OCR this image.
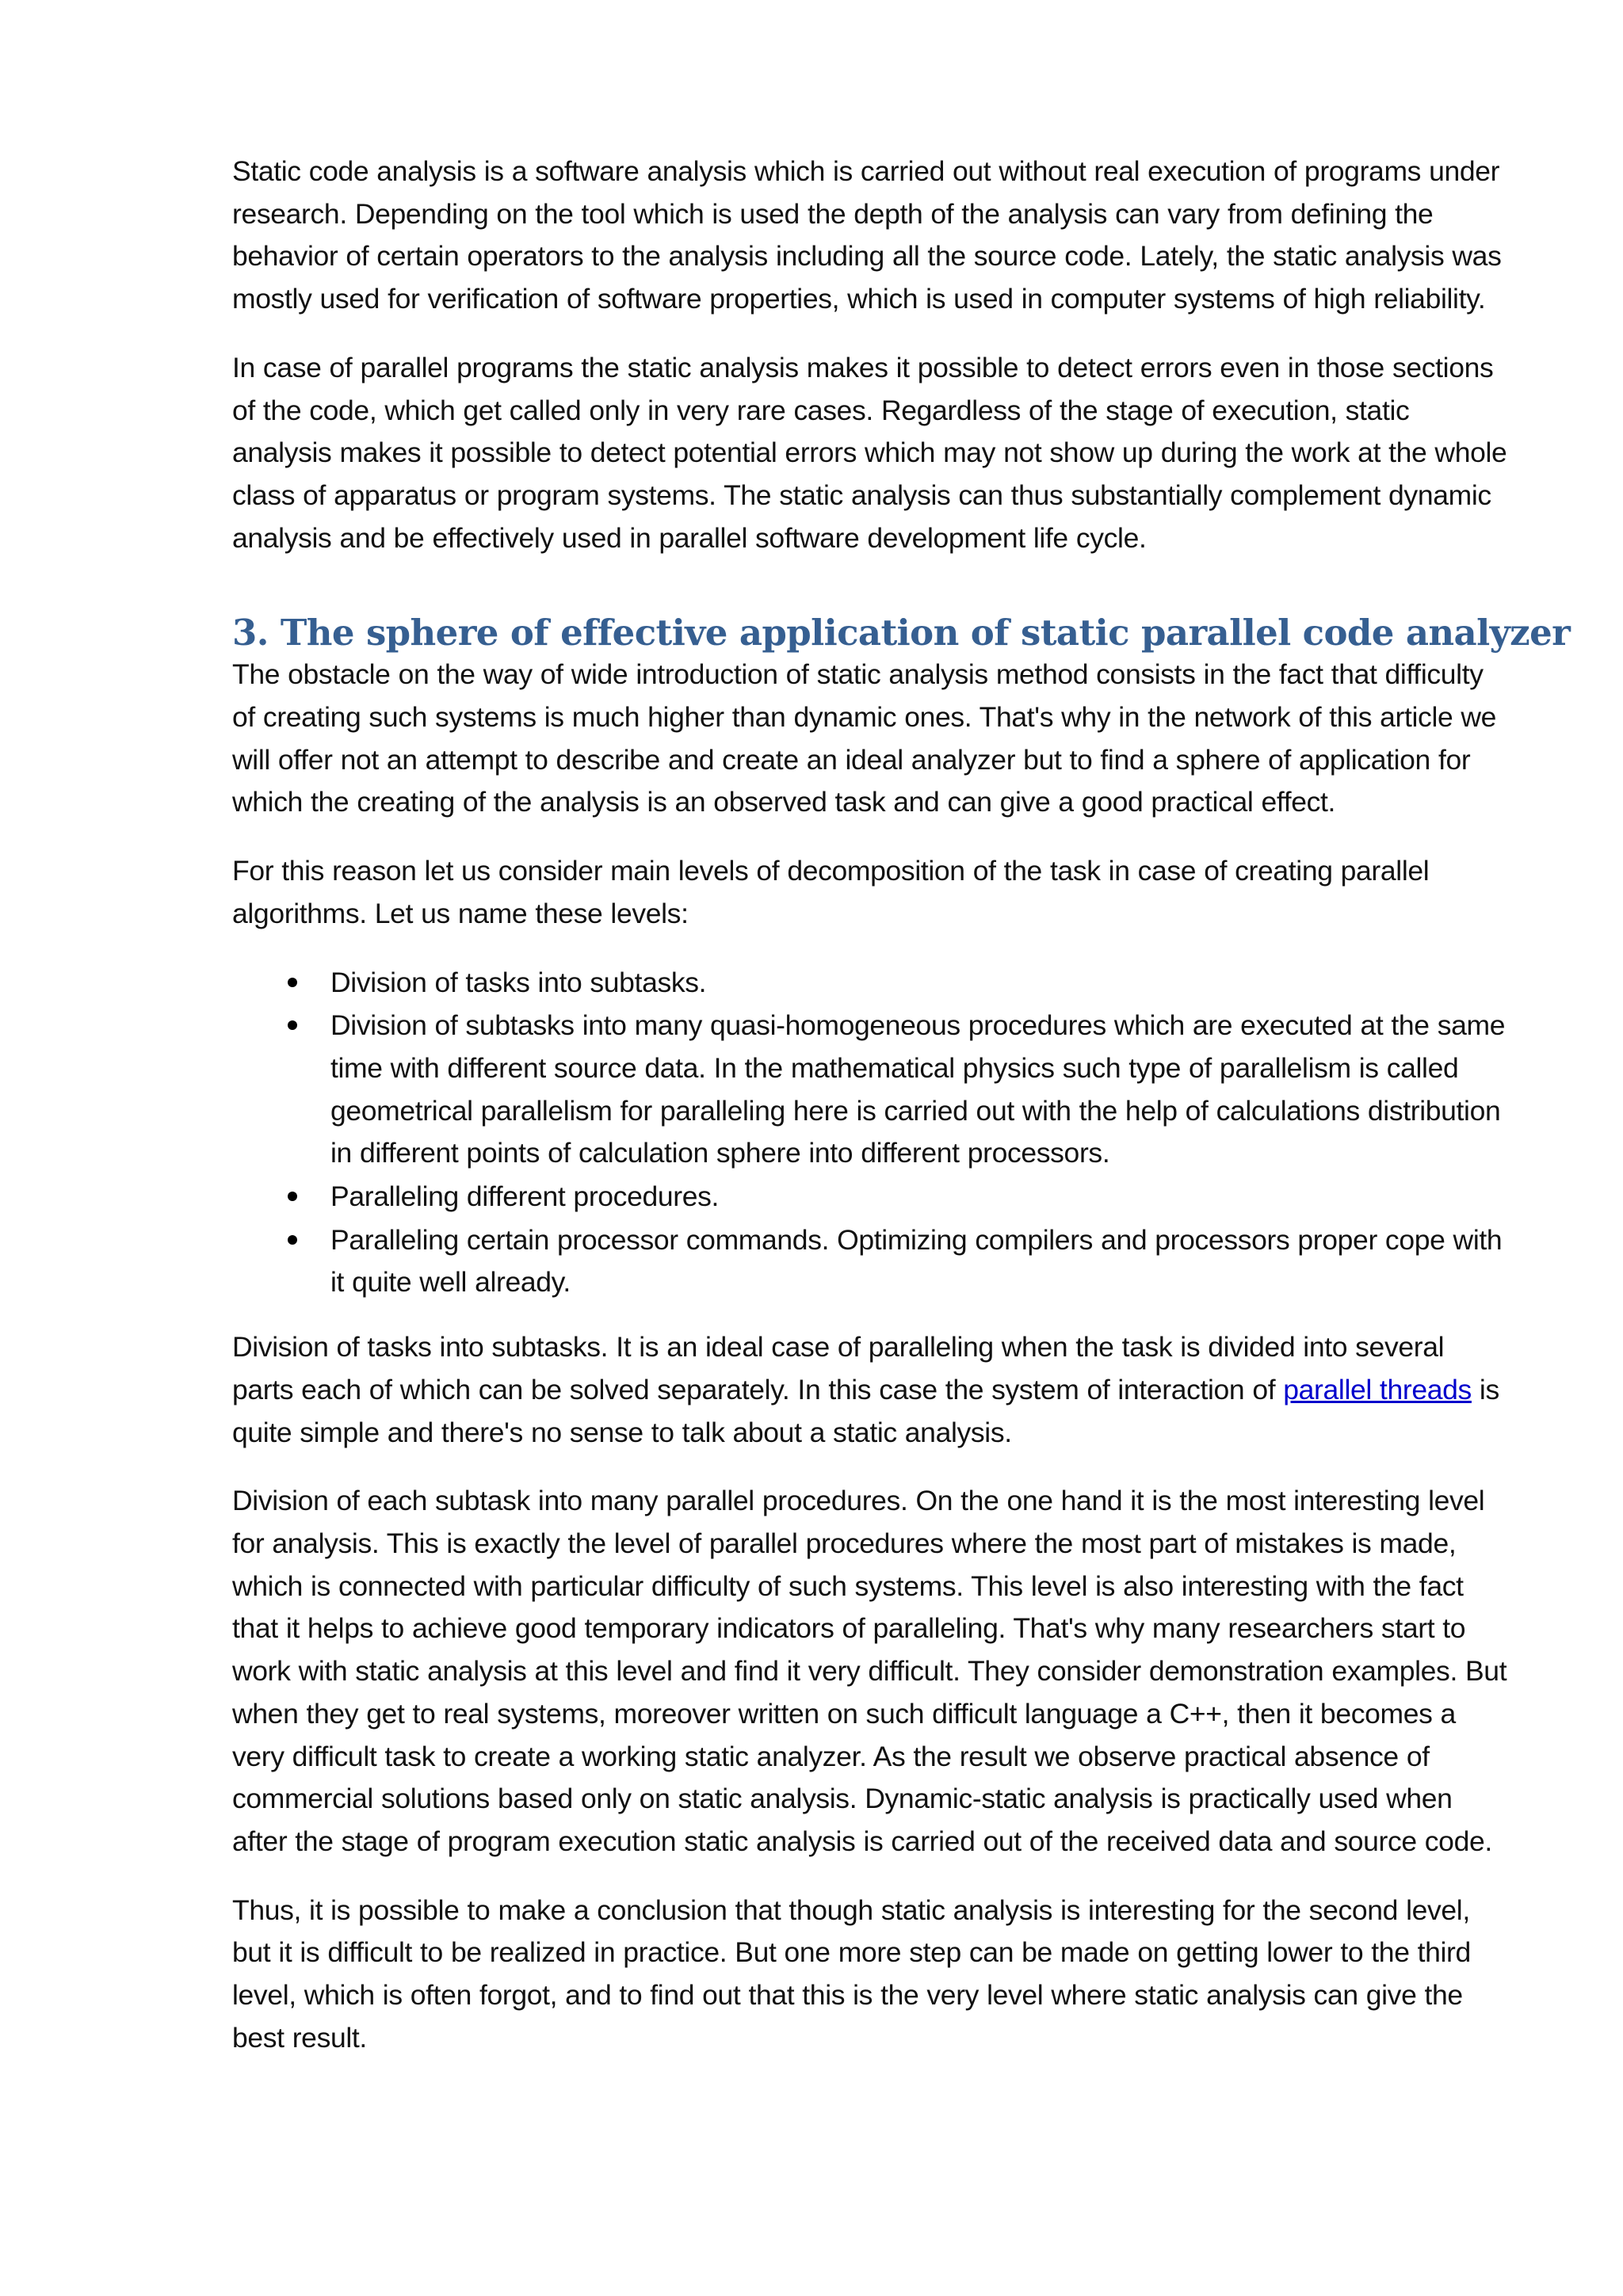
Static code analysis is a software analysis which is carried out without real execution of programs under research. Depending on the tool which is used the depth of the analysis can vary from defining the behavior of certain operators to the analysis including all the source code. Lately, the static analysis was mostly used for verification of software properties, which is used in computer systems of high reliability.

In case of parallel programs the static analysis makes it possible to detect errors even in those sections of the code, which get called only in very rare cases. Regardless of the stage of execution, static analysis makes it possible to detect potential errors which may not show up during the work at the whole class of apparatus or program systems. The static analysis can thus substantially complement dynamic analysis and be effectively used in parallel software development life cycle.

3. The sphere of effective application of static parallel code analyzer

The obstacle on the way of wide introduction of static analysis method consists in the fact that difficulty of creating such systems is much higher than dynamic ones. That's why in the network of this article we will offer not an attempt to describe and create an ideal analyzer but to find a sphere of application for which the creating of the analysis is an observed task and can give a good practical effect.

For this reason let us consider main levels of decomposition of the task in case of creating parallel algorithms. Let us name these levels:

Division of tasks into subtasks.
Division of subtasks into many quasi-homogeneous procedures which are executed at the same time with different source data. In the mathematical physics such type of parallelism is called geometrical parallelism for paralleling here is carried out with the help of calculations distribution in different points of calculation sphere into different processors.
Paralleling different procedures.
Paralleling certain processor commands. Optimizing compilers and processors proper cope with it quite well already.

Division of tasks into subtasks. It is an ideal case of paralleling when the task is divided into several parts each of which can be solved separately. In this case the system of interaction of parallel threads is quite simple and there's no sense to talk about a static analysis.

Division of each subtask into many parallel procedures. On the one hand it is the most interesting level for analysis. This is exactly the level of parallel procedures where the most part of mistakes is made, which is connected with particular difficulty of such systems. This level is also interesting with the fact that it helps to achieve good temporary indicators of paralleling. That's why many researchers start to work with static analysis at this level and find it very difficult. They consider demonstration examples. But when they get to real systems, moreover written on such difficult language a C++, then it becomes a very difficult task to create a working static analyzer. As the result we observe practical absence of commercial solutions based only on static analysis. Dynamic-static analysis is practically used when after the stage of program execution static analysis is carried out of the received data and source code.

Thus, it is possible to make a conclusion that though static analysis is interesting for the second level, but it is difficult to be realized in practice. But one more step can be made on getting lower to the third level, which is often forgot, and to find out that this is the very level where static analysis can give the best result.
